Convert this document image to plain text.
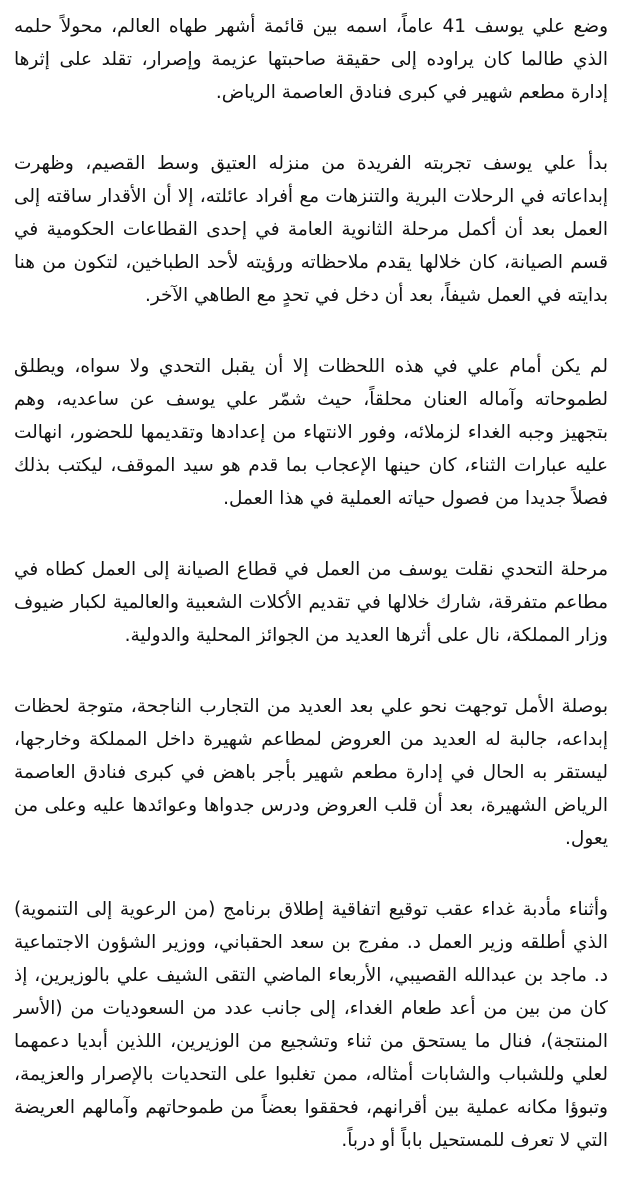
وضع علي يوسف 41 عاماً، اسمه بين قائمة أشهر طهاه العالم، محولاً حلمه الذي طالما كان يراوده إلى حقيقة صاحبتها عزيمة وإصرار، تقلد على إثرها إدارة مطعم شهير في كبرى فنادق العاصمة الرياض.

بدأ علي يوسف تجربته الفريدة من منزله العتيق وسط القصيم، وظهرت إبداعاته في الرحلات البرية والتنزهات مع أفراد عائلته، إلا أن الأقدار ساقته إلى العمل بعد أن أكمل مرحلة الثانوية العامة في إحدى القطاعات الحكومية في قسم الصيانة، كان خلالها يقدم ملاحظاته ورؤيته لأحد الطباخين، لتكون من هنا بدايته في العمل شيفاً، بعد أن دخل في تحدٍ مع الطاهي الآخر.

لم يكن أمام علي في هذه اللحظات إلا أن يقبل التحدي ولا سواه، ويطلق لطموحاته وآماله العنان محلقاً، حيث شمّر علي يوسف عن ساعديه، وهم بتجهيز وجبه الغداء لزملائه، وفور الانتهاء من إعدادها وتقديمها للحضور، انهالت عليه عبارات الثناء، كان حينها الإعجاب بما قدم هو سيد الموقف، ليكتب بذلك فصلاً جديدا من فصول حياته العملية في هذا العمل.

مرحلة التحدي نقلت يوسف من العمل في قطاع الصيانة إلى العمل كطاه في مطاعم متفرقة، شارك خلالها في تقديم الأكلات الشعبية والعالمية لكبار ضيوف وزار المملكة، نال على أثرها العديد من الجوائز المحلية والدولية.

بوصلة الأمل توجهت نحو علي بعد العديد من التجارب الناجحة، متوجة لحظات إبداعه، جالبة له العديد من العروض لمطاعم شهيرة داخل المملكة وخارجها، ليستقر به الحال في إدارة مطعم شهير بأجر باهض في كبرى فنادق العاصمة الرياض الشهيرة، بعد أن قلب العروض ودرس جدواها وعوائدها عليه وعلى من يعول.

وأثناء مأدبة غداء عقب توقيع اتفاقية إطلاق برنامج (من الرعوية إلى التنموية) الذي أطلقه وزير العمل د. مفرج بن سعد الحقباني، ووزير الشؤون الاجتماعية د. ماجد بن عبدالله القصيبي، الأربعاء الماضي التقى الشيف علي بالوزيرين، إذ كان من بين من أعد طعام الغداء، إلى جانب عدد من السعوديات من (الأسر المنتجة)، فنال ما يستحق من ثناء وتشجيع من الوزيرين، اللذين أبديا دعمهما لعلي وللشباب والشابات أمثاله، ممن تغلبوا على التحديات بالإصرار والعزيمة، وتبوؤا مكانه عملية بين أقرانهم، فحققوا بعضاً من طموحاتهم وآمالهم العريضة التي لا تعرف للمستحيل باباً أو درباً.
